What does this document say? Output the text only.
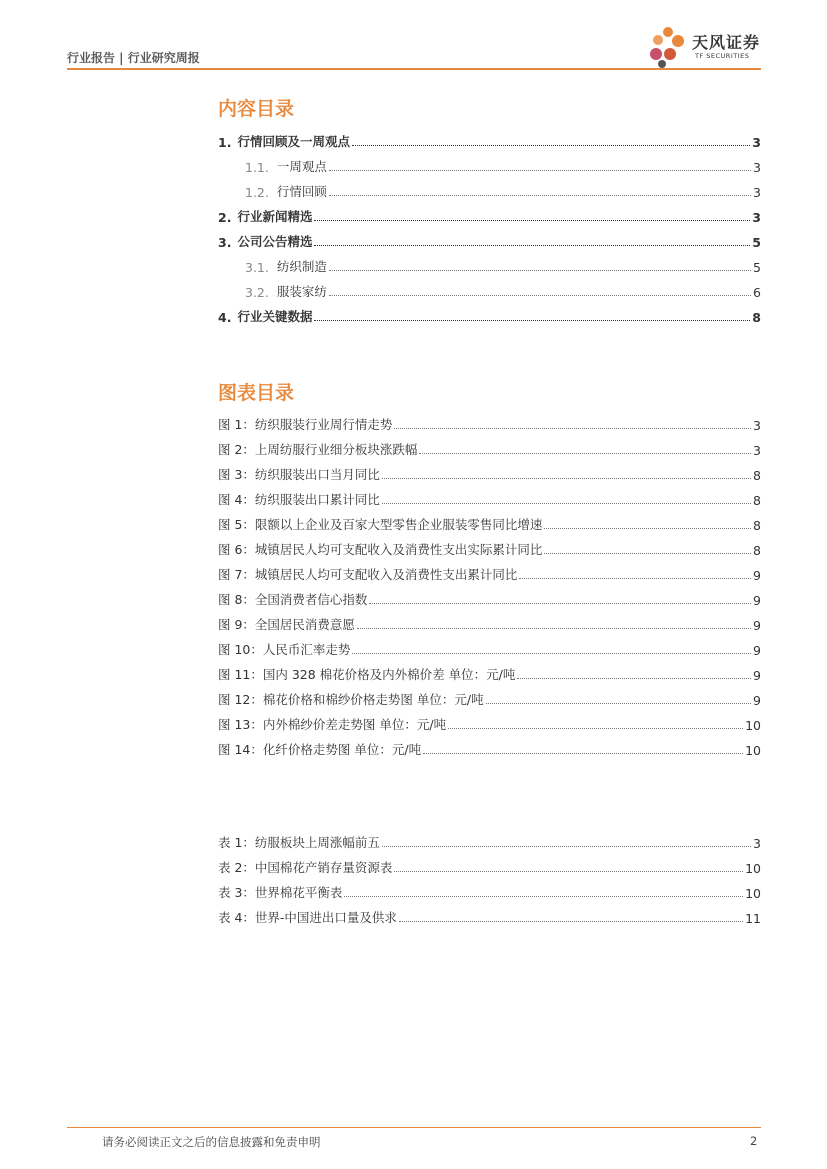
行业报告 | 行业研究周报
天风证券
TF SECURITIES
内容目录
1. 行情回顾及一周观点	3
1.1. 一周观点	3
1.2. 行情回顾	3
2. 行业新闻精选	3
3. 公司公告精选	5
3.1. 纺织制造	5
3.2. 服装家纺	6
4. 行业关键数据	8
图表目录
图 1：纺织服装行业周行情走势	3
图 2：上周纺服行业细分板块涨跌幅	3
图 3：纺织服装出口当月同比	8
图 4：纺织服装出口累计同比	8
图 5：限额以上企业及百家大型零售企业服装零售同比增速	8
图 6：城镇居民人均可支配收入及消费性支出实际累计同比	8
图 7：城镇居民人均可支配收入及消费性支出累计同比	9
图 8：全国消费者信心指数	9
图 9：全国居民消费意愿	9
图 10：人民币汇率走势	9
图 11：国内 328 棉花价格及内外棉价差 单位：元/吨	9
图 12：棉花价格和棉纱价格走势图 单位：元/吨	9
图 13：内外棉纱价差走势图 单位：元/吨	10
图 14：化纤价格走势图 单位：元/吨	10
表 1：纺服板块上周涨幅前五	3
表 2：中国棉花产销存量资源表	10
表 3：世界棉花平衡表	10
表 4：世界-中国进出口量及供求	11
请务必阅读正文之后的信息披露和免责申明	2
